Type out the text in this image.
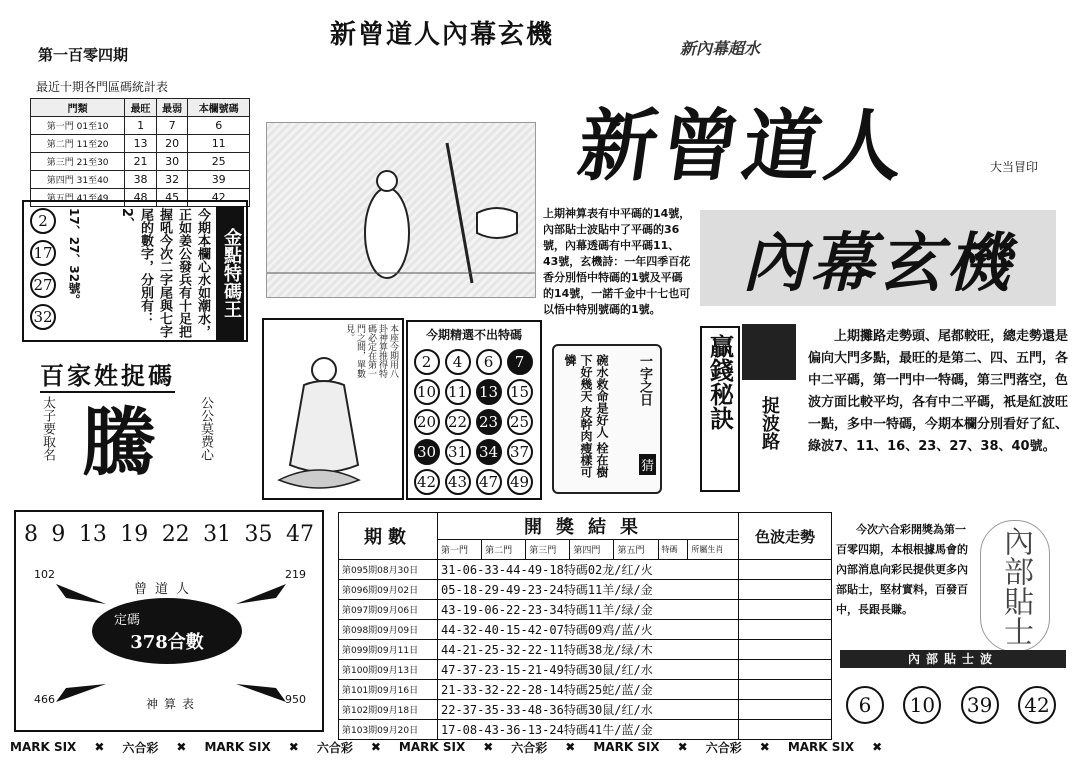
新曾道人內幕玄機
第一百零四期	新內幕超水
最近十期各門區碼統計表
門類	最旺	最弱	本欄號碼
第一門 01至10	1	7	6
第二門 11至20	13	20	11
第三門 21至30	21	30	25
第四門 31至40	38	32	39
第五門 41至49	48	45	42
2
17
27
32
17、27、32號。	今期本欄心水如潮水，正如姜公發兵有十足把握吼今次二字尾與七字尾的數字，分別有：2、
金點特碼王
百家姓捉碼
太子要取名 騰	公公莫费心
上期神算表有中平碼的14號，內部貼士波貼中了平碼的36號，內幕透碼有中平碼11、43號，玄機詩：一年四季百花香分別悟中特碼的1號及平碼的14號，一諾千金中十七也可以悟中特別號碼的1號。
新曾道人	大当冒印
內幕玄機
本座今期用八卦神算推得特碼必定在第一門之間，單數見。	今期精選不出特碼
2	4	6	7
10 11 13 15
20 22 23 25
30 31 34 37
42 43 47 49
一字之日
碗水救命是好人 栓在樹下好幾天 皮幹肉瘦樣可憐
猜
贏錢秘訣 捉波路
上期攤路走勢頭、尾都較旺，總走勢還是偏向大門多點，最旺的是第二、四、五門，各中二平碼，第一門中一特碼，第三門落空，色波方面比較平均，各有中二平碼，衹是紅波旺一點，多中一特碼，今期本欄分別看好了紅、綠波7、11、16、23、27、38、40號。
8 9 13 19 22 31 35 47
102	219
466	950
曾道人
神算表
定碼
378合數
期數	開獎結果							色波走勢
	第一門	第二門	第三門	第四門	第五門	特碼	所屬生肖	
第095期08月30日	31-06-33-44-49-18特碼02龙/红/火							
第096期09月02日	05-18-29-49-23-24特碼11羊/绿/金							
第097期09月06日	43-19-06-22-23-34特碼11羊/绿/金							
第098期09月09日	44-32-40-15-42-07特碼09鸡/蓝/火							
第099期09月11日	44-21-25-32-22-11特碼38龙/绿/木							
第100期09月13日	47-37-23-15-21-49特碼30鼠/红/水							
第101期09月16日	21-33-32-22-28-14特碼25蛇/蓝/金							
第102期09月18日	22-37-35-33-48-36特碼30鼠/红/水							
第103期09月20日	17-08-43-36-13-24特碼41牛/蓝/金							
今次六合彩開獎為第一百零四期，本根根據馬會的內部消息向彩民提供更多內部貼士，堅材實料，百發百中，長跟長賺。	內部貼士
內部貼士波
6	10	39	42
MARK SIX ✖ 六合彩 ✖ MARK SIX ✖ 六合彩 ✖ MARK SIX ✖ 六合彩 ✖ MARK SIX ✖ 六合彩 ✖ MARK SIX ✖
